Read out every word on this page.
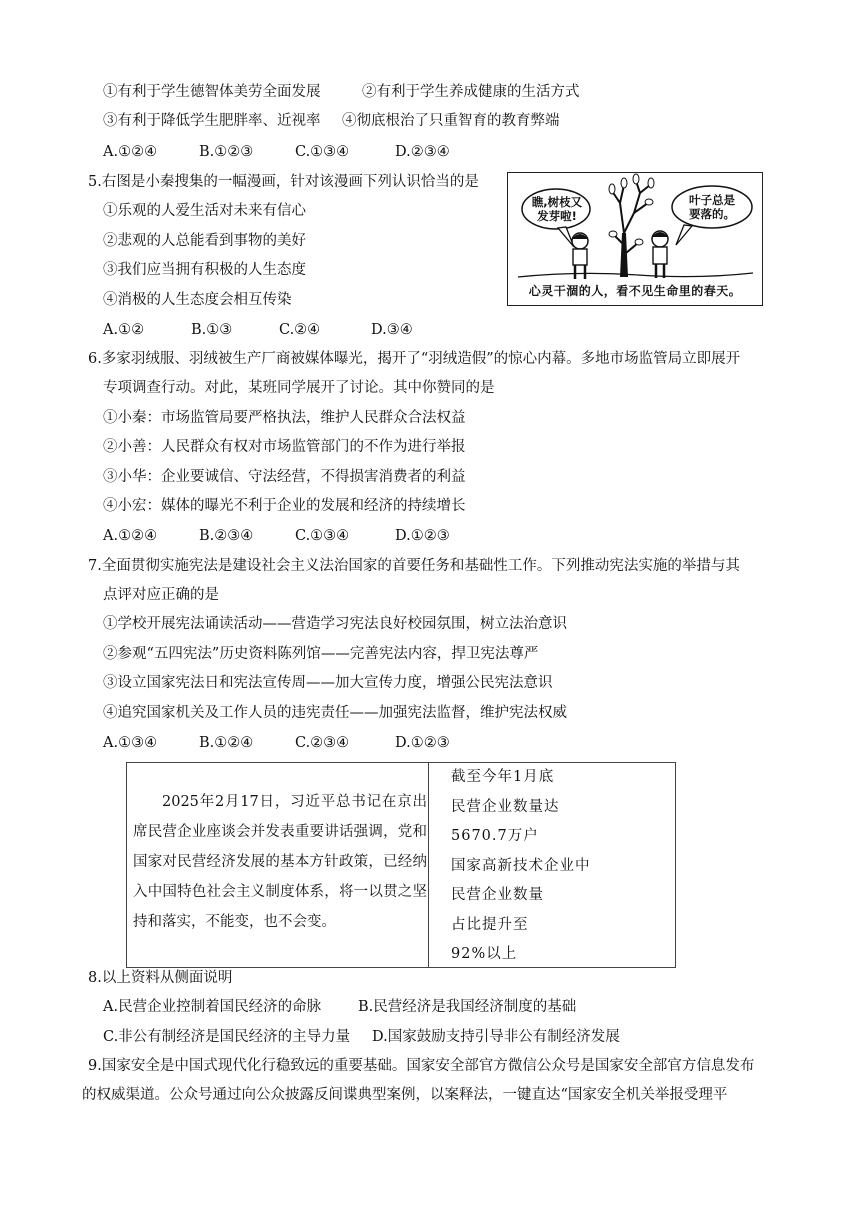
①有利于学生德智体美劳全面发展	②有利于学生养成健康的生活方式
③有利于降低学生肥胖率、近视率 ④彻底根治了只重智育的教育弊端
A.①②④	B.①②③	C.①③④	D.②③④
5.右图是小秦搜集的一幅漫画，针对该漫画下列认识恰当的是
①乐观的人爱生活对未来有信心
②悲观的人总能看到事物的美好
③我们应当拥有积极的人生态度
④消极的人生态度会相互传染
A.①②	B.①③	C.②④	D.③④
瞧,树枝又
发芽啦!
叶子总是
要落的。
心灵干涸的人，看不见生命里的春天。
6.多家羽绒服、羽绒被生产厂商被媒体曝光，揭开了“羽绒造假”的惊心内幕。多地市场监管局立即展开
专项调查行动。对此，某班同学展开了讨论。其中你赞同的是
①小秦：市场监管局要严格执法，维护人民群众合法权益
②小善：人民群众有权对市场监管部门的不作为进行举报
③小华：企业要诚信、守法经营，不得损害消费者的利益
④小宏：媒体的曝光不利于企业的发展和经济的持续增长
A.①②④	B.②③④	C.①③④	D.①②③
7.全面贯彻实施宪法是建设社会主义法治国家的首要任务和基础性工作。下列推动宪法实施的举措与其
点评对应正确的是
①学校开展宪法诵读活动——营造学习宪法良好校园氛围，树立法治意识
②参观“五四宪法”历史资料陈列馆——完善宪法内容，捍卫宪法尊严
③设立国家宪法日和宪法宣传周——加大宣传力度，增强公民宪法意识
④追究国家机关及工作人员的违宪责任——加强宪法监督，维护宪法权威
A.①③④	B.①②④	C.②③④	D.①②③
2025年2月17日，习近平总书记在京出席民营企业座谈会并发表重要讲话强调，党和国家对民营经济发展的基本方针政策，已经纳入中国特色社会主义制度体系，将一以贯之坚持和落实，不能变，也不会变。
截至今年1月底
民营企业数量达
5670.7万户
国家高新技术企业中
民营企业数量
占比提升至
92%以上
8.以上资料从侧面说明
A.民营企业控制着国民经济的命脉	B.民营经济是我国经济制度的基础
C.非公有制经济是国民经济的主导力量 D.国家鼓励支持引导非公有制经济发展
9.国家安全是中国式现代化行稳致远的重要基础。国家安全部官方微信公众号是国家安全部官方信息发布
的权威渠道。公众号通过向公众披露反间谍典型案例，以案释法，一键直达“国家安全机关举报受理平
